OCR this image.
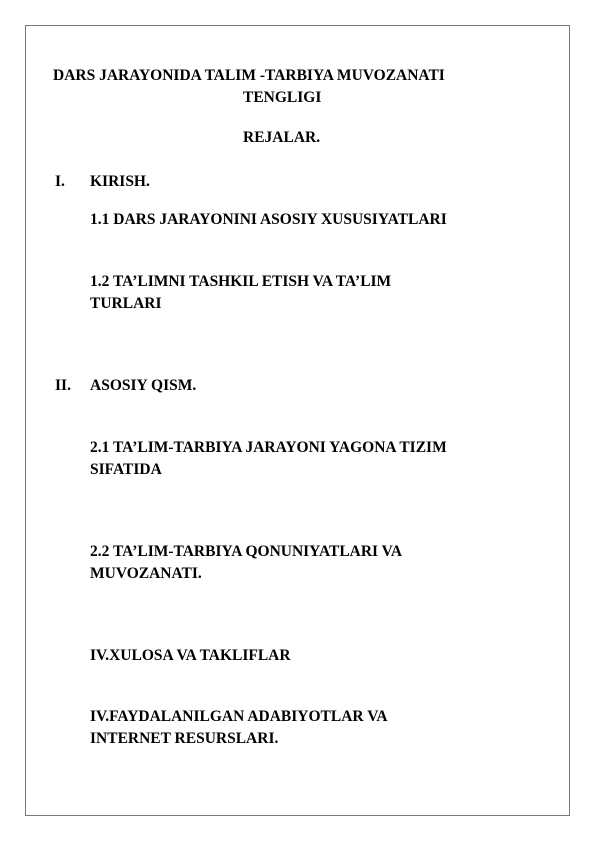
DARS JARAYONIDA TALIM -TARBIYA MUVOZANATI

TENGLIGI

REJALAR.

I. KIRISH.

1.1 DARS JARAYONINI ASOSIY XUSUSIYATLARI

1.2 TA’LIMNI TASHKIL ETISH VA TA’LIM

TURLARI

II. ASOSIY QISM.

2.1 TA’LIM-TARBIYA JARAYONI YAGONA TIZIM

SIFATIDA

2.2 TA’LIM-TARBIYA QONUNIYATLARI VA

MUVOZANATI.

IV.XULOSA VA TAKLIFLAR

IV.FAYDALANILGAN ADABIYOTLAR VA

INTERNET RESURSLARI.
